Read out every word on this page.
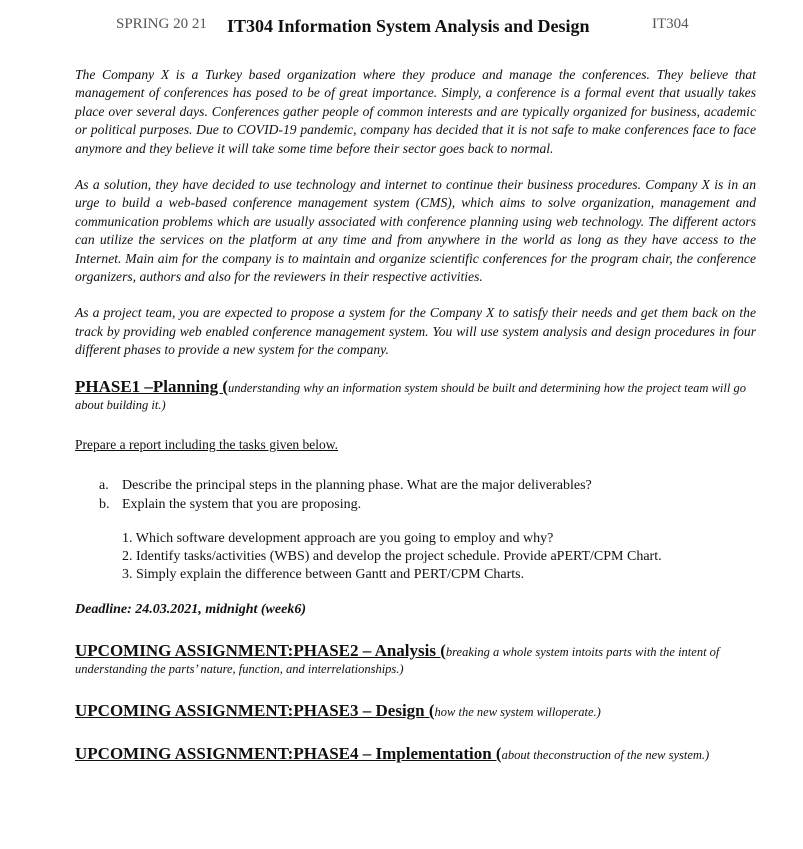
SPRING 20 21 IT304 Information System Analysis and Design	IT304

The Company X is a Turkey based organization where they produce and manage the conferences. They believe that management of conferences has posed to be of great importance. Simply, a conference is a formal event that usually takes place over several days. Conferences gather people of common interests and are typically organized for business, academic or political purposes. Due to COVID-19 pandemic, company has decided that it is not safe to make conferences face to face anymore and they believe it will take some time before their sector goes back to normal.

As a solution, they have decided to use technology and internet to continue their business procedures. Company X is in an urge to build a web-based conference management system (CMS), which aims to solve organization, management and communication problems which are usually associated with conference planning using web technology. The different actors can utilize the services on the platform at any time and from anywhere in the world as long as they have access to the Internet. Main aim for the company is to maintain and organize scientific conferences for the program chair, the conference organizers, authors and also for the reviewers in their respective activities.

As a project team, you are expected to propose a system for the Company X to satisfy their needs and get them back on the track by providing web enabled conference management system. You will use system analysis and design procedures in four different phases to provide a new system for the company.

PHASE1 –Planning (understanding why an information system should be built and determining how the project team will go about building it.)

Prepare a report including the tasks given below.

a. Describe the principal steps in the planning phase. What are the major deliverables?
b. Explain the system that you are proposing.
1. Which software development approach are you going to employ and why?
2. Identify tasks/activities (WBS) and develop the project schedule. Provide aPERT/CPM Chart.
3. Simply explain the difference between Gantt and PERT/CPM Charts.

Deadline: 24.03.2021, midnight (week6)

UPCOMING ASSIGNMENT:PHASE2 – Analysis (breaking a whole system intoits parts with the intent of understanding the parts’ nature, function, and interrelationships.)

UPCOMING ASSIGNMENT:PHASE3 – Design (how the new system willoperate.)

UPCOMING ASSIGNMENT:PHASE4 – Implementation (about theconstruction of the new system.)
